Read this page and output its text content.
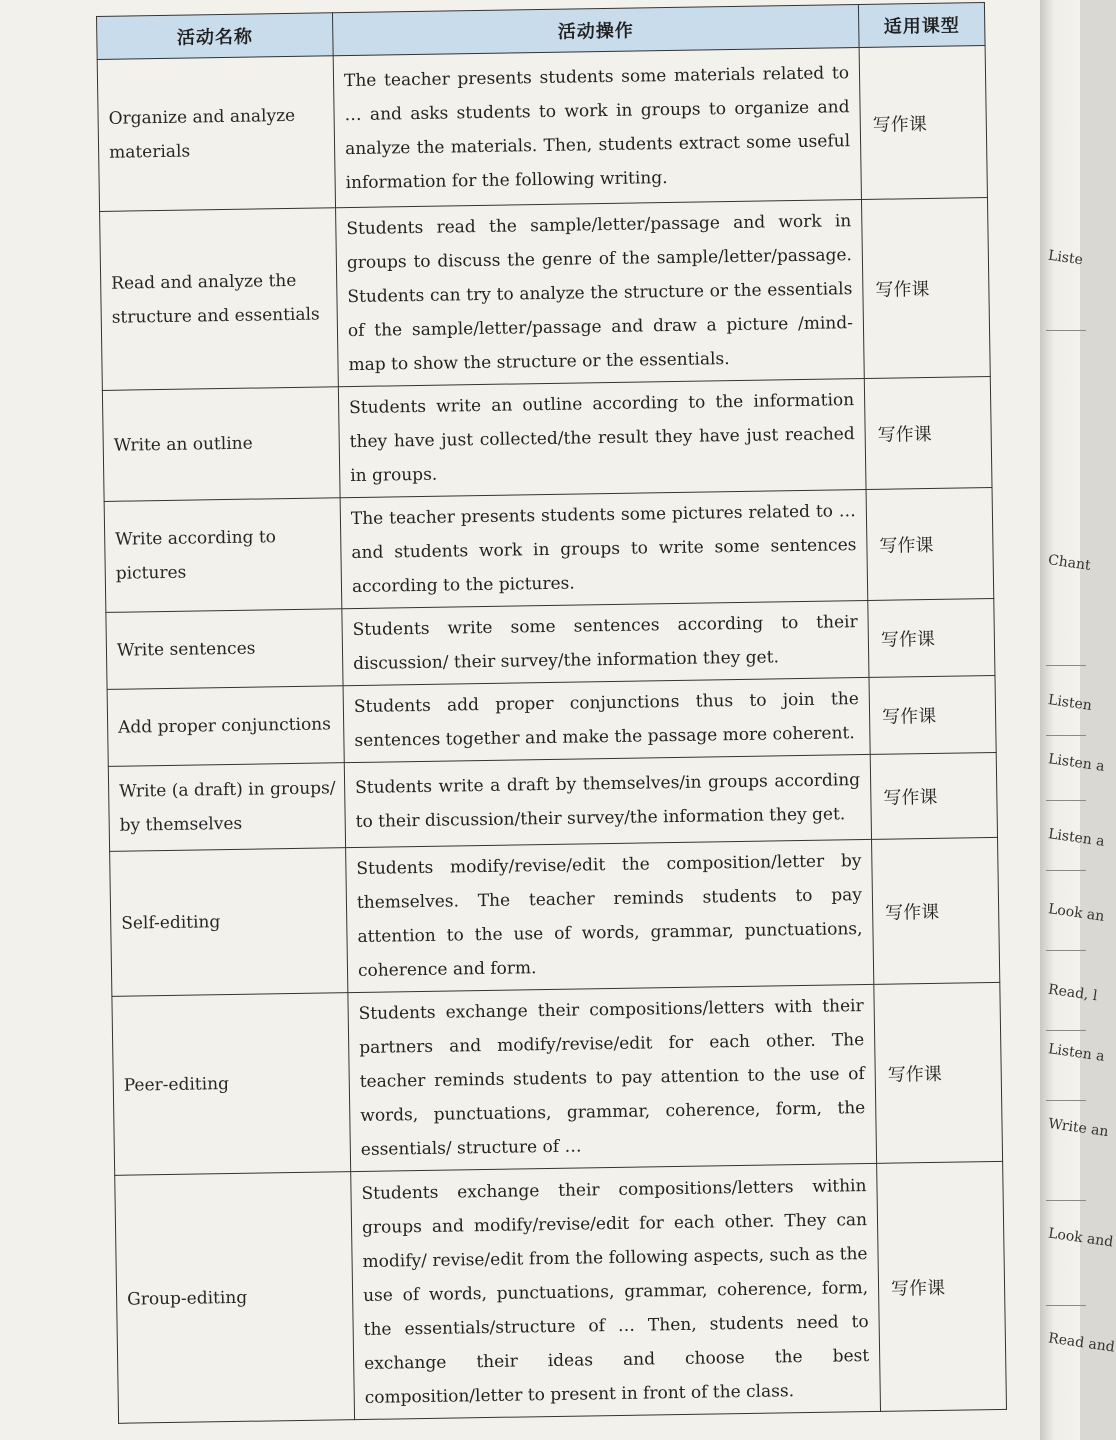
活动名称	活动操作	适用课型
Organize and analyze materials	The teacher presents students some materials related to … and asks students to work in groups to organize and analyze the materials. Then, students extract some useful information for the following writing.	写作课
Read and analyze the structure and essentials	Students read the sample/letter/passage and work in groups to discuss the genre of the sample/letter/passage. Students can try to analyze the structure or the essentials of the sample/letter/passage and draw a picture /mind-map to show the structure or the essentials.	写作课
Write an outline	Students write an outline according to the information they have just collected/the result they have just reached in groups.	写作课
Write according to pictures	The teacher presents students some pictures related to … and students work in groups to write some sentences according to the pictures.	写作课
Write sentences	Students write some sentences according to their discussion/ their survey/the information they get.	写作课
Add proper conjunctions	Students add proper conjunctions thus to join the sentences together and make the passage more coherent.	写作课
Write (a draft) in groups/ by themselves	Students write a draft by themselves/in groups according to their discussion/their survey/the information they get.	写作课
Self-editing	Students modify/revise/edit the composition/letter by themselves. The teacher reminds students to pay attention to the use of words, grammar, punctuations, coherence and form.	写作课
Peer-editing	Students exchange their compositions/letters with their partners and modify/revise/edit for each other. The teacher reminds students to pay attention to the use of words, punctuations, grammar, coherence, form, the essentials/ structure of …	写作课
Group-editing	Students exchange their compositions/letters within groups and modify/revise/edit for each other. They can modify/ revise/edit from the following aspects, such as the use of words, punctuations, grammar, coherence, form, the essentials/structure of … Then, students need to exchange their ideas and choose the best composition/letter to present in front of the class.	写作课
Liste
Chant
Listen
Listen a
Listen a
Look an
Read, l
Listen a
Write an
Look and
Read and
